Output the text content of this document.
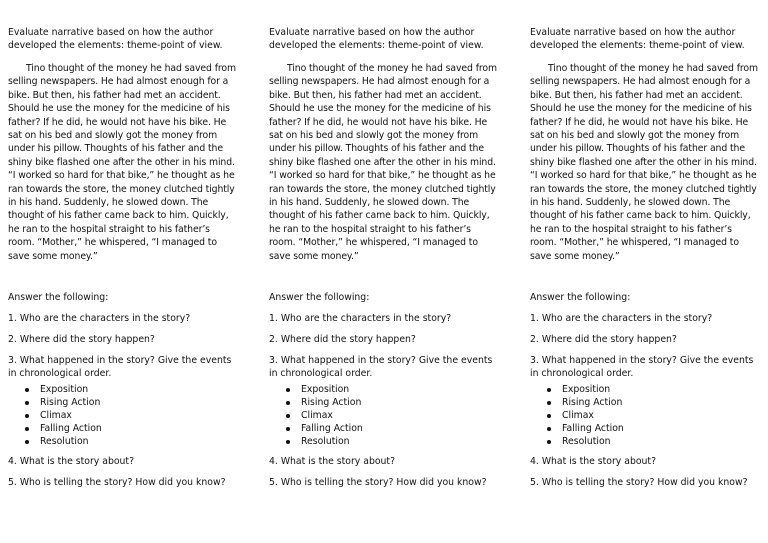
Evaluate narrative based on how the author developed the elements: theme-point of view.

Tino thought of the money he had saved from selling newspapers. He had almost enough for a bike. But then, his father had met an accident. Should he use the money for the medicine of his father? If he did, he would not have his bike. He sat on his bed and slowly got the money from under his pillow. Thoughts of his father and the shiny bike flashed one after the other in his mind. “I worked so hard for that bike,” he thought as he ran towards the store, the money clutched tightly in his hand. Suddenly, he slowed down. The thought of his father came back to him. Quickly, he ran to the hospital straight to his father’s room. “Mother,” he whispered, “I managed to save some money.”

Answer the following:

1. Who are the characters in the story?

2. Where did the story happen?

3. What happened in the story? Give the events in chronological order.

Exposition
Rising Action
Climax
Falling Action
Resolution

4. What is the story about?

5. Who is telling the story? How did you know?

Evaluate narrative based on how the author developed the elements: theme-point of view.

Tino thought of the money he had saved from selling newspapers. He had almost enough for a bike. But then, his father had met an accident. Should he use the money for the medicine of his father? If he did, he would not have his bike. He sat on his bed and slowly got the money from under his pillow. Thoughts of his father and the shiny bike flashed one after the other in his mind. “I worked so hard for that bike,” he thought as he ran towards the store, the money clutched tightly in his hand. Suddenly, he slowed down. The thought of his father came back to him. Quickly, he ran to the hospital straight to his father’s room. “Mother,” he whispered, “I managed to save some money.”

Answer the following:

1. Who are the characters in the story?

2. Where did the story happen?

3. What happened in the story? Give the events in chronological order.

Exposition
Rising Action
Climax
Falling Action
Resolution

4. What is the story about?

5. Who is telling the story? How did you know?

Evaluate narrative based on how the author developed the elements: theme-point of view.

Tino thought of the money he had saved from selling newspapers. He had almost enough for a bike. But then, his father had met an accident. Should he use the money for the medicine of his father? If he did, he would not have his bike. He sat on his bed and slowly got the money from under his pillow. Thoughts of his father and the shiny bike flashed one after the other in his mind. “I worked so hard for that bike,” he thought as he ran towards the store, the money clutched tightly in his hand. Suddenly, he slowed down. The thought of his father came back to him. Quickly, he ran to the hospital straight to his father’s room. “Mother,” he whispered, “I managed to save some money.”

Answer the following:

1. Who are the characters in the story?

2. Where did the story happen?

3. What happened in the story? Give the events in chronological order.

Exposition
Rising Action
Climax
Falling Action
Resolution

4. What is the story about?

5. Who is telling the story? How did you know?
